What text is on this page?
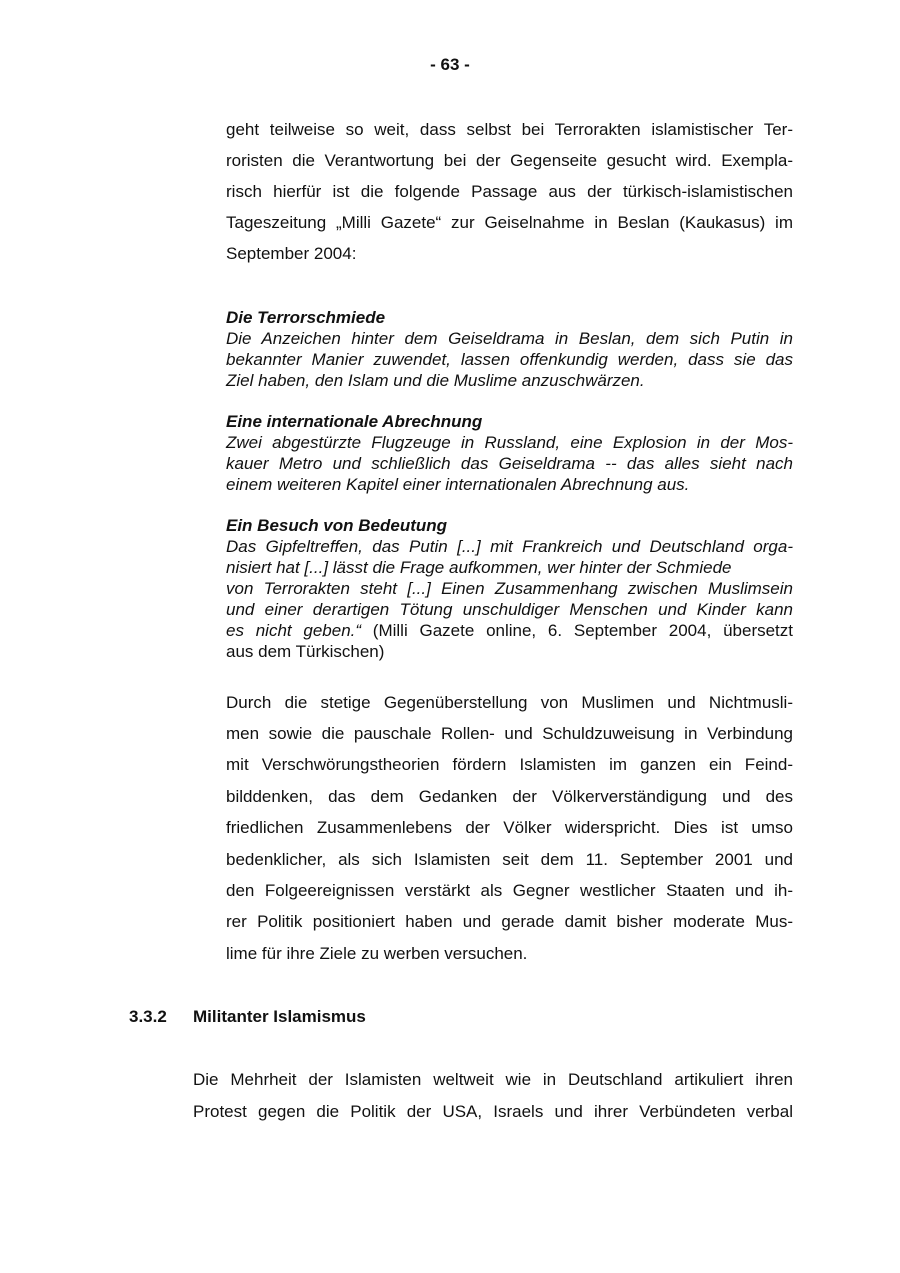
- 63 -
geht teilweise so weit, dass selbst bei Terrorakten islamistischer Ter-
roristen die Verantwortung bei der Gegenseite gesucht wird. Exempla-
risch hierfür ist die folgende Passage aus der türkisch-islamistischen
Tageszeitung „Milli Gazete“ zur Geiselnahme in Beslan (Kaukasus) im
September 2004:
Die Terrorschmiede
Die Anzeichen hinter dem Geiseldrama in Beslan, dem sich Putin in
bekannter Manier zuwendet, lassen offenkundig werden, dass sie das
Ziel haben, den Islam und die Muslime anzuschwärzen.
Eine internationale Abrechnung
Zwei abgestürzte Flugzeuge in Russland, eine Explosion in der Mos-
kauer Metro und schließlich das Geiseldrama -- das alles sieht nach
einem weiteren Kapitel einer internationalen Abrechnung aus.
Ein Besuch von Bedeutung
Das Gipfeltreffen, das Putin [...] mit Frankreich und Deutschland orga-
nisiert hat [...] lässt die Frage aufkommen, wer hinter der Schmiede
von Terrorakten steht [...] Einen Zusammenhang zwischen Muslimsein
und einer derartigen Tötung unschuldiger Menschen und Kinder kann
es nicht geben.“ (Milli Gazete online, 6. September 2004, übersetzt
aus dem Türkischen)
Durch die stetige Gegenüberstellung von Muslimen und Nichtmusli-
men sowie die pauschale Rollen- und Schuldzuweisung in Verbindung
mit Verschwörungstheorien fördern Islamisten im ganzen ein Feind-
bilddenken, das dem Gedanken der Völkerverständigung und des
friedlichen Zusammenlebens der Völker widerspricht. Dies ist umso
bedenklicher, als sich Islamisten seit dem 11. September 2001 und
den Folgeereignissen verstärkt als Gegner westlicher Staaten und ih-
rer Politik positioniert haben und gerade damit bisher moderate Mus-
lime für ihre Ziele zu werben versuchen.
3.3.2 Militanter Islamismus
Die Mehrheit der Islamisten weltweit wie in Deutschland artikuliert ihren
Protest gegen die Politik der USA, Israels und ihrer Verbündeten verbal
